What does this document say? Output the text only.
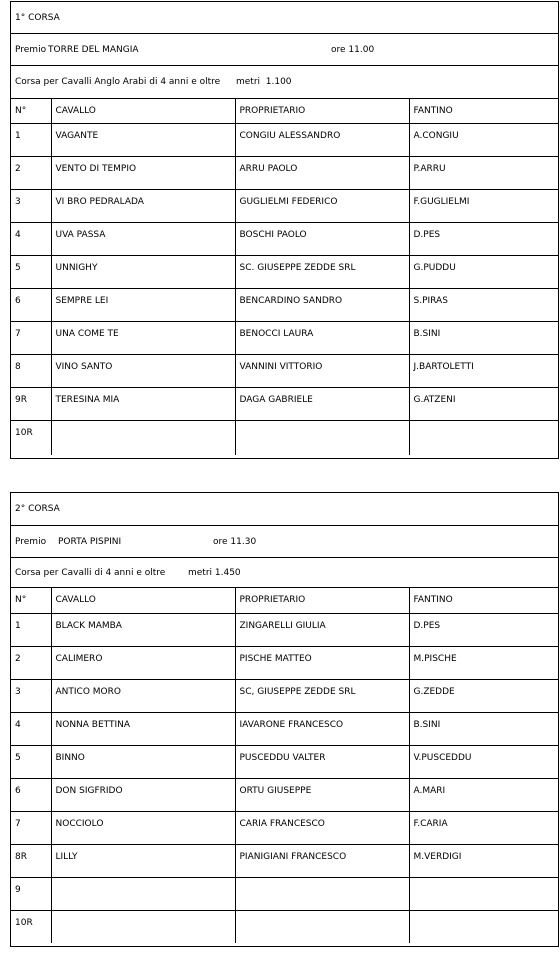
1° CORSA
Premio TORRE DEL MANGIA	ore 11.00
Corsa per Cavalli Anglo Arabi di 4 anni e oltre metri  1.100
N°	CAVALLO	PROPRIETARIO	FANTINO
1	VAGANTE	CONGIU ALESSANDRO	A.CONGIU
2	VENTO DI TEMPIO	ARRU PAOLO	P.ARRU
3	VI BRO PEDRALADA	GUGLIELMI FEDERICO	F.GUGLIELMI
4	UVA PASSA	BOSCHI PAOLO	D.PES
5	UNNIGHY	SC. GIUSEPPE ZEDDE SRL	G.PUDDU
6	SEMPRE LEI	BENCARDINO SANDRO	S.PIRAS
7	UNA COME TE	BENOCCI LAURA	B.SINI
8	VINO SANTO	VANNINI VITTORIO	J.BARTOLETTI
9R	TERESINA MIA	DAGA GABRIELE	G.ATZENI
10R			
2° CORSA
Premio PORTA PISPINI	ore 11.30
Corsa per Cavalli di 4 anni e oltre	metri 1.450
N°	CAVALLO	PROPRIETARIO	FANTINO
1	BLACK MAMBA	ZINGARELLI GIULIA	D.PES
2	CALIMERO	PISCHE MATTEO	M.PISCHE
3	ANTICO MORO	SC, GIUSEPPE ZEDDE SRL	G.ZEDDE
4	NONNA BETTINA	IAVARONE FRANCESCO	B.SINI
5	BINNO	PUSCEDDU VALTER	V.PUSCEDDU
6	DON SIGFRIDO	ORTU GIUSEPPE	A.MARI
7	NOCCIOLO	CARIA FRANCESCO	F.CARIA
8R	LILLY	PIANIGIANI FRANCESCO	M.VERDIGI
9			
10R			
